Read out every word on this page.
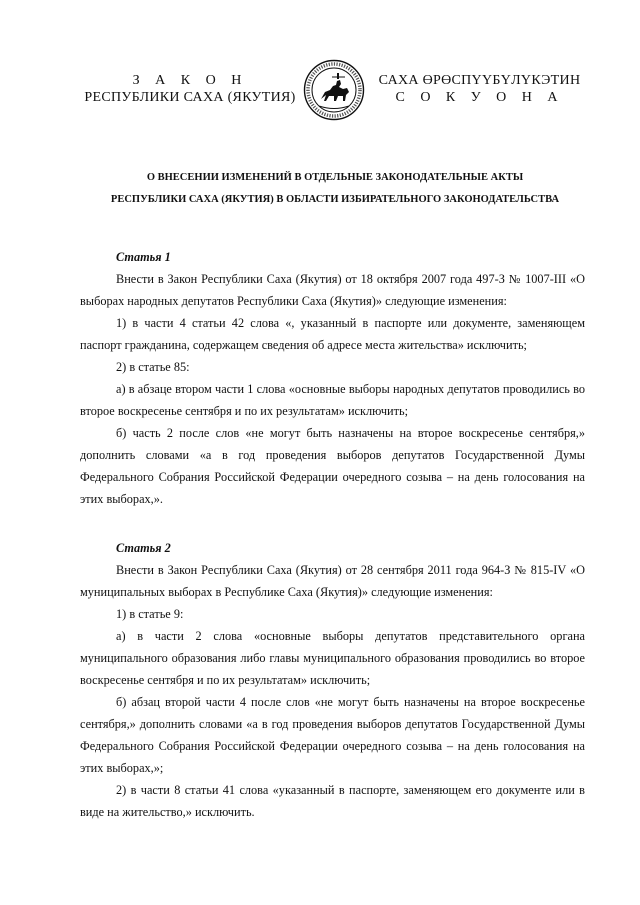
З А К О Н
РЕСПУБЛИКИ САХА (ЯКУТИЯ)
САХА ӨРӨСПҮҮБҮЛҮКЭТИН
С О К У О Н А
О ВНЕСЕНИИ ИЗМЕНЕНИЙ В ОТДЕЛЬНЫЕ ЗАКОНОДАТЕЛЬНЫЕ АКТЫ
РЕСПУБЛИКИ САХА (ЯКУТИЯ) В ОБЛАСТИ ИЗБИРАТЕЛЬНОГО ЗАКОНОДАТЕЛЬСТВА

Статья 1

Внести в Закон Республики Саха (Якутия) от 18 октября 2007 года 497-З № 1007-III «О выборах народных депутатов Республики Саха (Якутия)» следующие изменения:

1) в части 4 статьи 42 слова «, указанный в паспорте или документе, заменяющем паспорт гражданина, содержащем сведения об адресе места жительства» исключить;

2) в статье 85:

а) в абзаце втором части 1 слова «основные выборы народных депутатов проводились во второе воскресенье сентября и по их результатам» исключить;

б) часть 2 после слов «не могут быть назначены на второе воскресенье сентября,» дополнить словами «а в год проведения выборов депутатов Государственной Думы Федерального Собрания Российской Федерации очередного созыва – на день голосования на этих выборах,».

Статья 2

Внести в Закон Республики Саха (Якутия) от 28 сентября 2011 года 964-З № 815-IV «О муниципальных выборах в Республике Саха (Якутия)» следующие изменения:

1) в статье 9:

а) в части 2 слова «основные выборы депутатов представительного органа муниципального образования либо главы муниципального образования проводились во второе воскресенье сентября и по их результатам» исключить;

б) абзац второй части 4 после слов «не могут быть назначены на второе воскресенье сентября,» дополнить словами «а в год проведения выборов депутатов Государственной Думы Федерального Собрания Российской Федерации очередного созыва – на день голосования на этих выборах,»;

2) в части 8 статьи 41 слова «указанный в паспорте, заменяющем его документе или в виде на жительство,» исключить.
